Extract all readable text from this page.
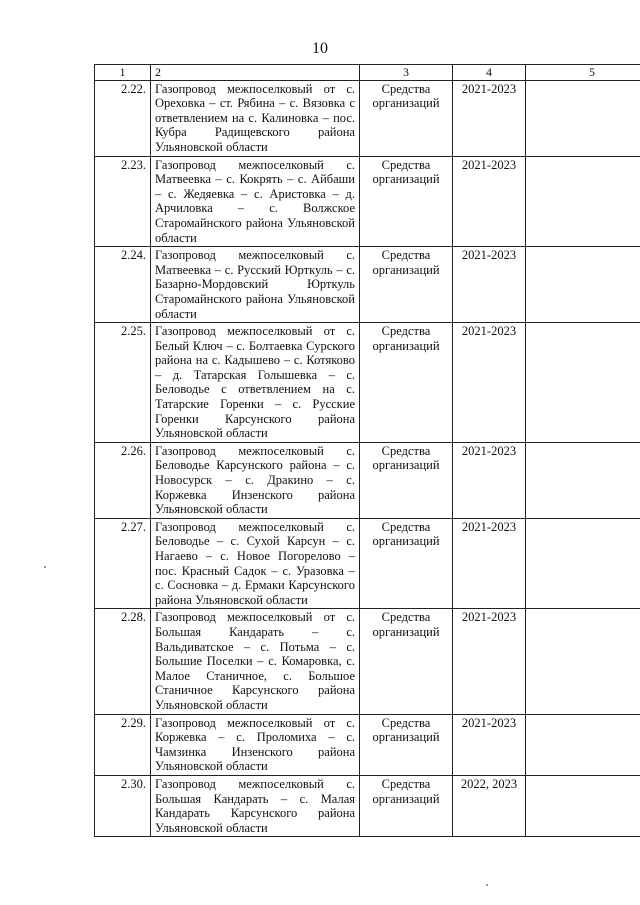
10
1	2	3	4	5
2.22.	Газопровод межпоселковый от с. Ореховка – ст. Рябина – с. Вязовка с ответвлением на с. Калиновка – пос. Кубра Радищевского района Ульяновской области	Средства организаций	2021-2023	
2.23.	Газопровод межпоселковый с. Матвеевка – с. Кокрять – с. Айбаши – с. Жедяевка – с. Аристовка – д. Арчиловка – с. Волжское Старомайнского района Ульяновской области	Средства организаций	2021-2023	
2.24.	Газопровод межпоселковый с. Матвеевка – с. Русский Юрткуль – с. Базарно-Мордовский Юрткуль Старомайнского района Ульяновской области	Средства организаций	2021-2023	
2.25.	Газопровод межпоселковый от с. Белый Ключ – с. Болтаевка Сурского района на с. Кадышево – с. Котяково – д. Татарская Голышевка – с. Беловодье с ответвлением на с. Татарские Горенки – с. Русские Горенки Карсунского района Ульяновской области	Средства организаций	2021-2023	
2.26.	Газопровод межпоселковый с. Беловодье Карсунского района – с. Новосурск – с. Дракино – с. Коржевка Инзенского района Ульяновской области	Средства организаций	2021-2023	
2.27.	Газопровод межпоселковый с. Беловодье – с. Сухой Карсун – с. Нагаево – с. Новое Погорелово – пос. Красный Садок – с. Уразовка – с. Сосновка – д. Ермаки Карсунского района Ульяновской области	Средства организаций	2021-2023	
2.28.	Газопровод межпоселковый от с. Большая Кандарать – с. Вальдиватское – с. Потьма – с. Большие Поселки – с. Комаровка, с. Малое Станичное, с. Большое Станичное Карсунского района Ульяновской области	Средства организаций	2021-2023	
2.29.	Газопровод межпоселковый от с. Коржевка – с. Проломиха – с. Чамзинка Инзенского района Ульяновской области	Средства организаций	2021-2023	
2.30.	Газопровод межпоселковый с. Большая Кандарать – с. Малая Кандарать Карсунского района Ульяновской области	Средства организаций	2022, 2023	
